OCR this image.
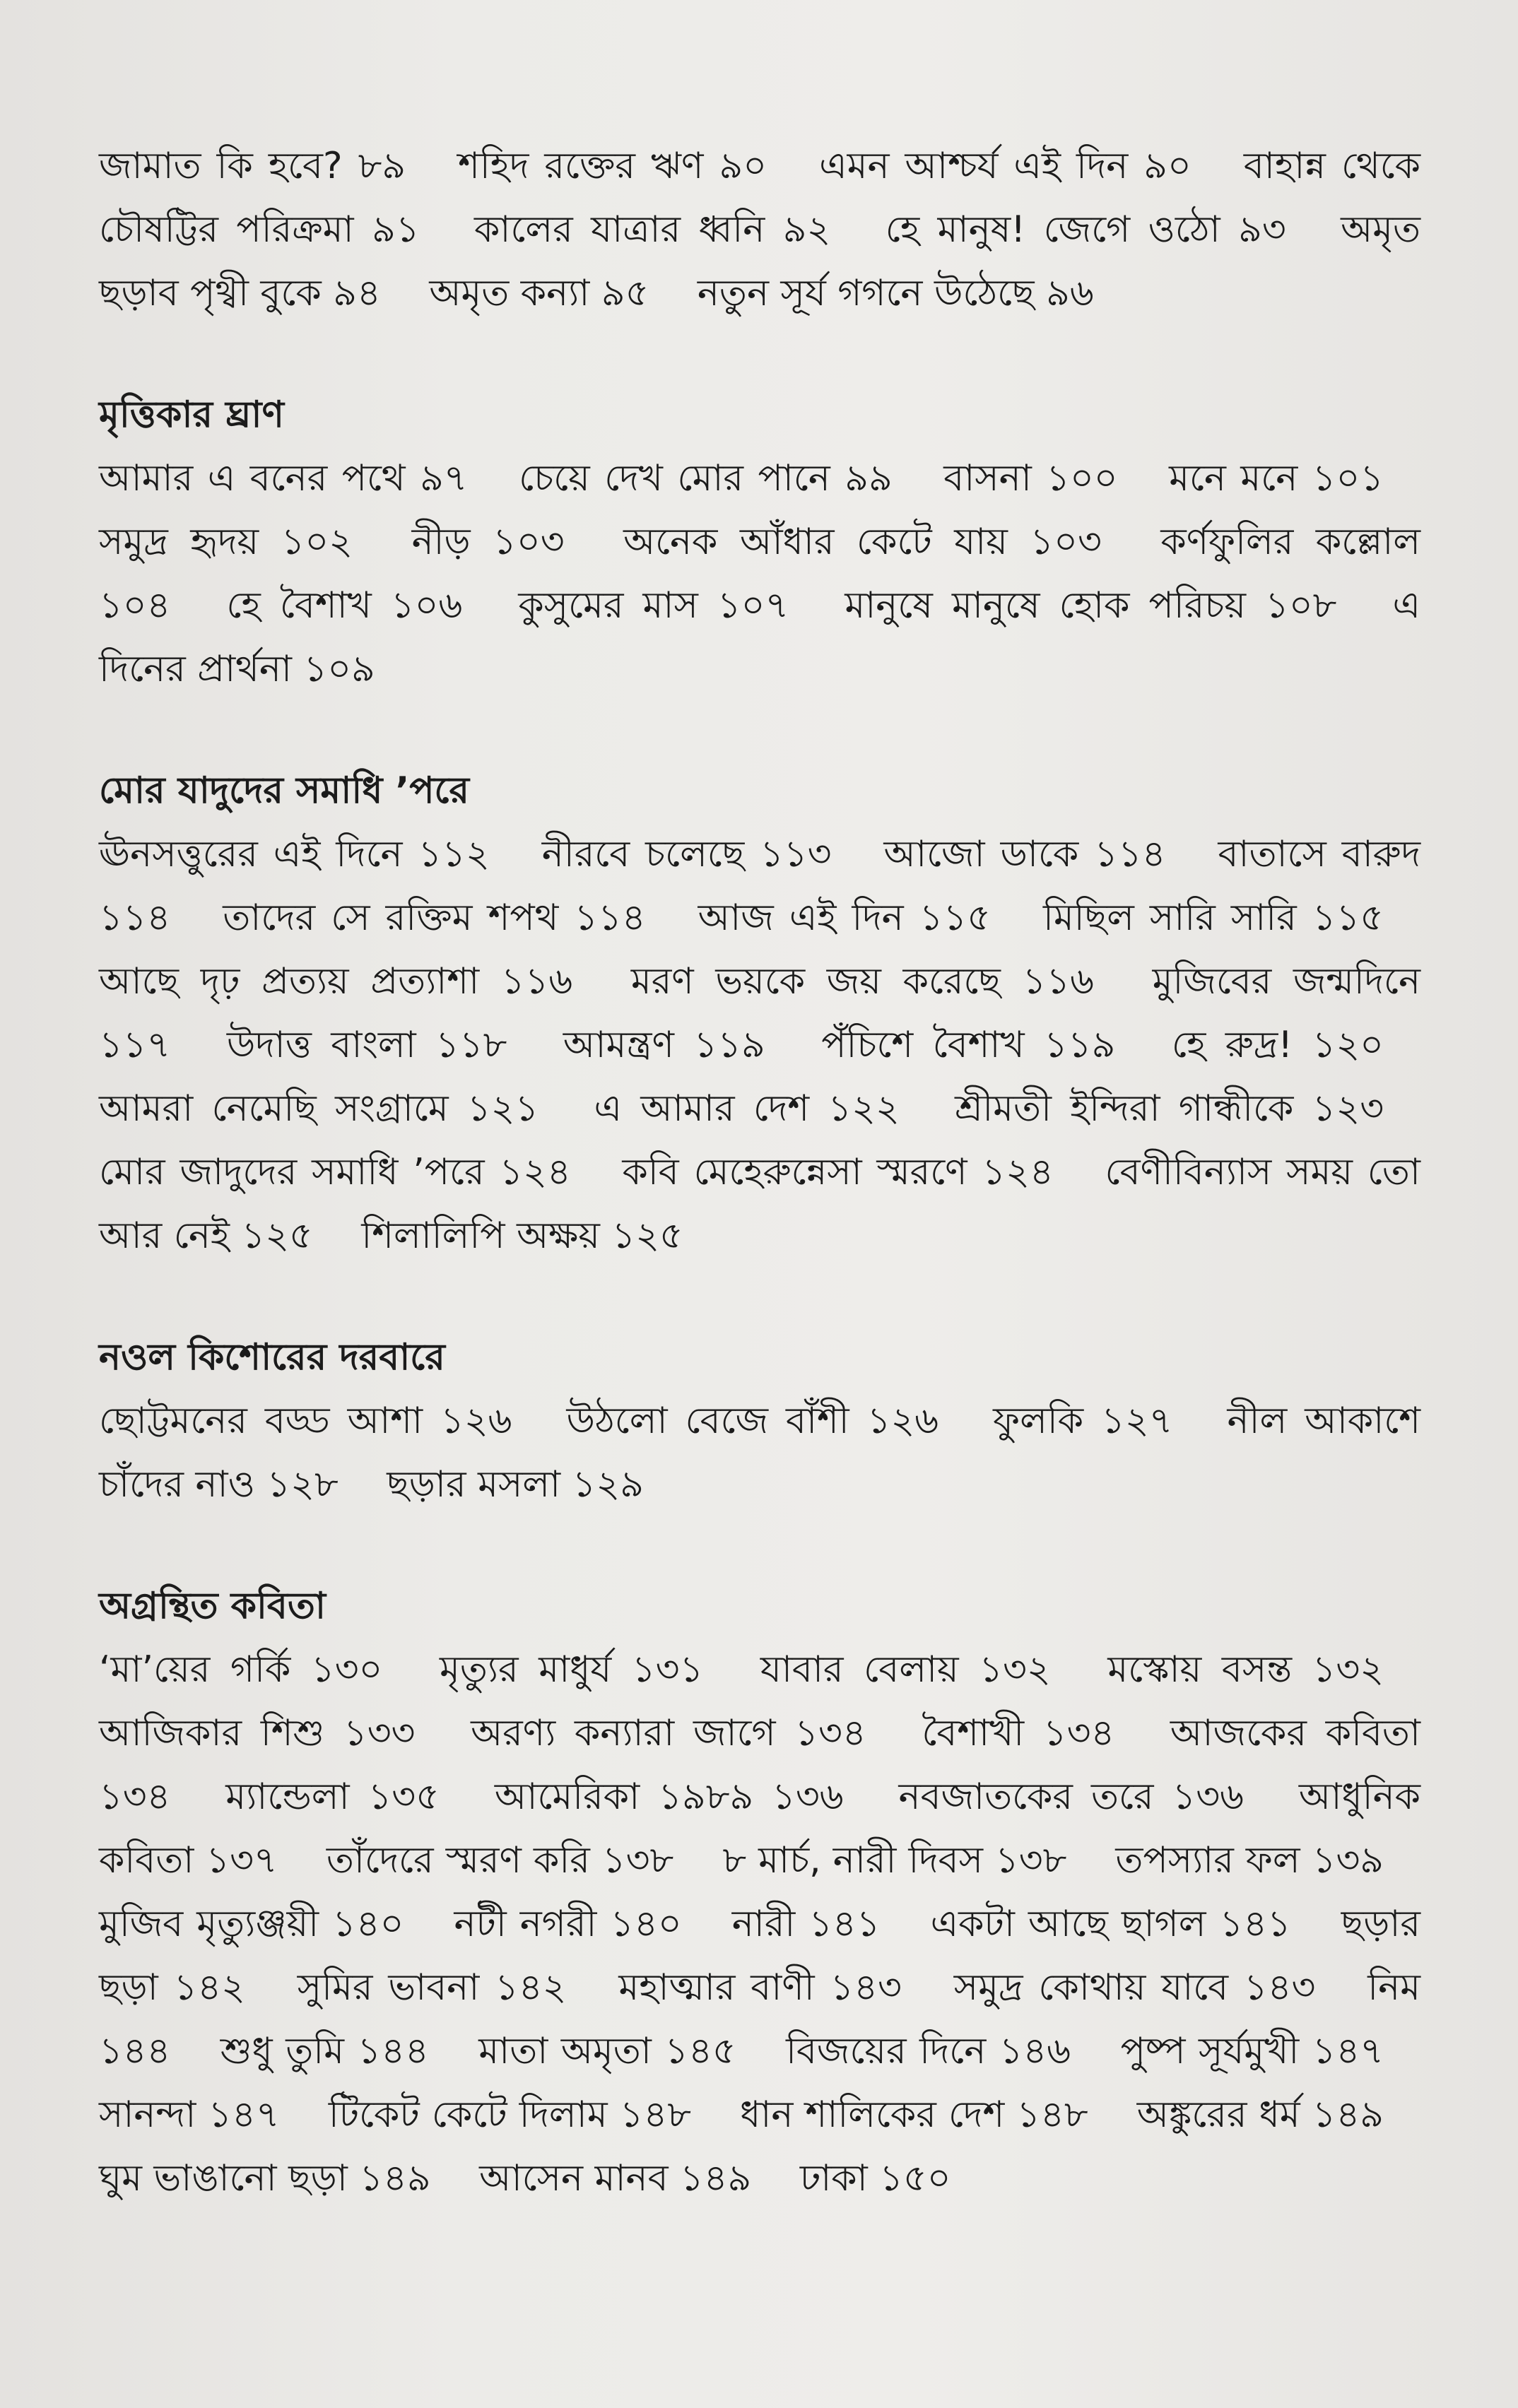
জামাত কি হবে? ৮৯  শহিদ রক্তের ঋণ ৯০  এমন আশ্চর্য এই দিন ৯০  বাহান্ন থেকে চৌষট্টির পরিক্রমা ৯১  কালের যাত্রার ধ্বনি ৯২  হে মানুষ! জেগে ওঠো ৯৩  অমৃত ছড়াব পৃথ্বী বুকে ৯৪  অমৃত কন্যা ৯৫  নতুন সূর্য গগনে উঠেছে ৯৬

মৃত্তিকার ঘ্রাণ

আমার এ বনের পথে ৯৭  চেয়ে দেখ মোর পানে ৯৯  বাসনা ১০০  মনে মনে ১০১  সমুদ্র হৃদয় ১০২  নীড় ১০৩  অনেক আঁধার কেটে যায় ১০৩  কর্ণফুলির কল্লোল ১০৪  হে বৈশাখ ১০৬  কুসুমের মাস ১০৭  মানুষে মানুষে হোক পরিচয় ১০৮  এ দিনের প্রার্থনা ১০৯

মোর যাদুদের সমাধি ’পরে

ঊনসত্তুরের এই দিনে ১১২  নীরবে চলেছে ১১৩  আজো ডাকে ১১৪  বাতাসে বারুদ ১১৪  তাদের সে রক্তিম শপথ ১১৪  আজ এই দিন ১১৫  মিছিল সারি সারি ১১৫  আছে দৃঢ় প্রত্যয় প্রত্যাশা ১১৬  মরণ ভয়কে জয় করেছে ১১৬  মুজিবের জন্মদিনে ১১৭  উদাত্ত বাংলা ১১৮  আমন্ত্রণ ১১৯  পঁচিশে বৈশাখ ১১৯  হে রুদ্র! ১২০  আমরা নেমেছি সংগ্রামে ১২১  এ আমার দেশ ১২২  শ্রীমতী ইন্দিরা গান্ধীকে ১২৩  মোর জাদুদের সমাধি ’পরে ১২৪  কবি মেহেরুন্নেসা স্মরণে ১২৪  বেণীবিন্যাস সময় তো আর নেই ১২৫  শিলালিপি অক্ষয় ১২৫

নওল কিশোরের দরবারে

ছোট্টমনের বড্ড আশা ১২৬  উঠলো বেজে বাঁশী ১২৬  ফুলকি ১২৭  নীল আকাশে চাঁদের নাও ১২৮  ছড়ার মসলা ১২৯

অগ্রন্থিত কবিতা

‘মা’য়ের গর্কি ১৩০  মৃত্যুর মাধুর্য ১৩১  যাবার বেলায় ১৩২  মস্কোয় বসন্ত ১৩২  আজিকার শিশু ১৩৩  অরণ্য কন্যারা জাগে ১৩৪  বৈশাখী ১৩৪  আজকের কবিতা ১৩৪  ম্যান্ডেলা ১৩৫  আমেরিকা ১৯৮৯ ১৩৬  নবজাতকের তরে ১৩৬  আধুনিক কবিতা ১৩৭  তাঁদেরে স্মরণ করি ১৩৮  ৮ মার্চ, নারী দিবস ১৩৮  তপস্যার ফল ১৩৯  মুজিব মৃত্যুঞ্জয়ী ১৪০  নটী নগরী ১৪০  নারী ১৪১  একটা আছে ছাগল ১৪১  ছড়ার ছড়া ১৪২  সুমির ভাবনা ১৪২  মহাত্মার বাণী ১৪৩  সমুদ্র কোথায় যাবে ১৪৩  নিম ১৪৪  শুধু তুমি ১৪৪  মাতা অমৃতা ১৪৫  বিজয়ের দিনে ১৪৬  পুষ্প সূর্যমুখী ১৪৭  সানন্দা ১৪৭  টিকেট কেটে দিলাম ১৪৮  ধান শালিকের দেশ ১৪৮  অঙ্কুরের ধর্ম ১৪৯  ঘুম ভাঙানো ছড়া ১৪৯  আসেন মানব ১৪৯  ঢাকা ১৫০
